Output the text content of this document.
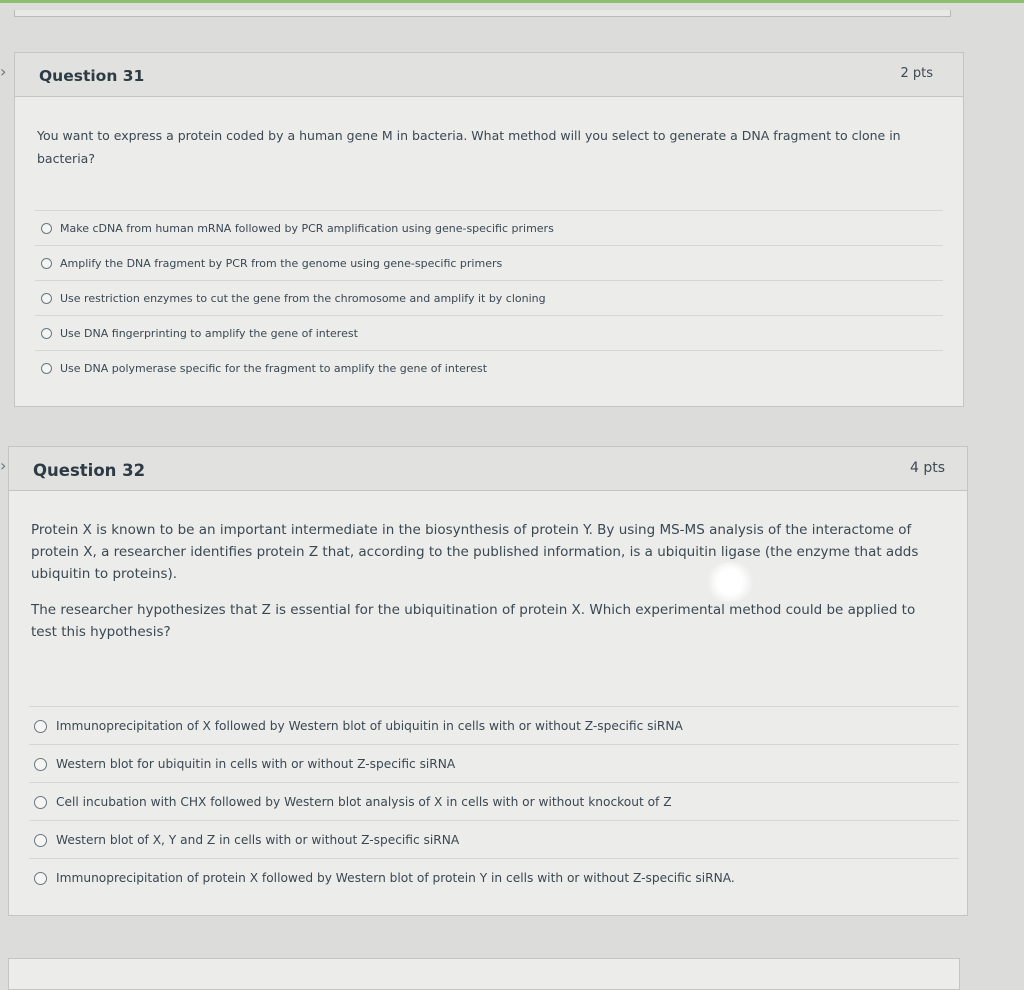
› Question 31	2 pts

You want to express a protein coded by a human gene M in bacteria. What method will you select to generate a DNA fragment to clone in bacteria?

Make cDNA from human mRNA followed by PCR amplification using gene-specific primers
Amplify the DNA fragment by PCR from the genome using gene-specific primers
Use restriction enzymes to cut the gene from the chromosome and amplify it by cloning
Use DNA fingerprinting to amplify the gene of interest
Use DNA polymerase specific for the fragment to amplify the gene of interest
› Question 32	4 pts

Protein X is known to be an important intermediate in the biosynthesis of protein Y. By using MS-MS analysis of the interactome of protein X, a researcher identifies protein Z that, according to the published information, is a ubiquitin ligase (the enzyme that adds ubiquitin to proteins).

The researcher hypothesizes that Z is essential for the ubiquitination of protein X. Which experimental method could be applied to test this hypothesis?

Immunoprecipitation of X followed by Western blot of ubiquitin in cells with or without Z-specific siRNA
Western blot for ubiquitin in cells with or without Z-specific siRNA
Cell incubation with CHX followed by Western blot analysis of X in cells with or without knockout of Z
Western blot of X, Y and Z in cells with or without Z-specific siRNA
Immunoprecipitation of protein X followed by Western blot of protein Y in cells with or without Z-specific siRNA.
